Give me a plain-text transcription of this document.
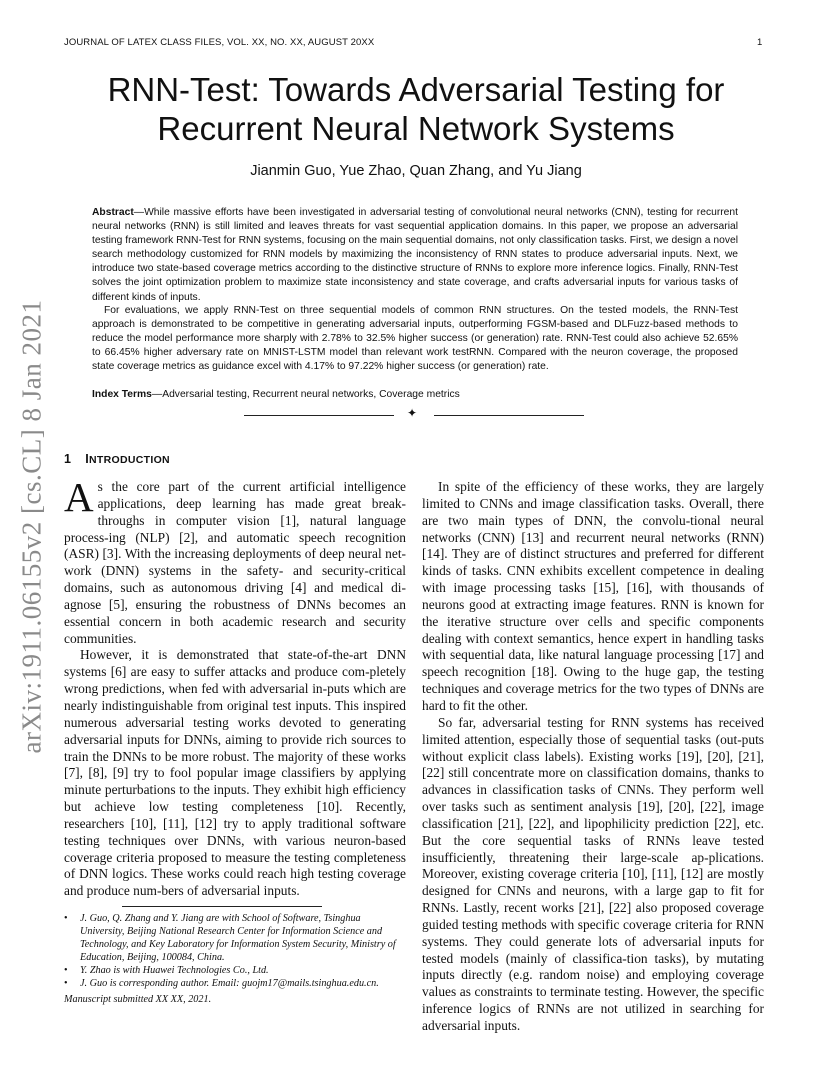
JOURNAL OF LATEX CLASS FILES, VOL. XX, NO. XX, AUGUST 20XX	1
arXiv:1911.06155v2 [cs.CL] 8 Jan 2021
RNN-Test: Towards Adversarial Testing for Recurrent Neural Network Systems
Jianmin Guo, Yue Zhao, Quan Zhang, and Yu Jiang
Abstract—While massive efforts have been investigated in adversarial testing of convolutional neural networks (CNN), testing for recurrent neural networks (RNN) is still limited and leaves threats for vast sequential application domains. In this paper, we propose an adversarial testing framework RNN-Test for RNN systems, focusing on the main sequential domains, not only classification tasks. First, we design a novel search methodology customized for RNN models by maximizing the inconsistency of RNN states to produce adversarial inputs. Next, we introduce two state-based coverage metrics according to the distinctive structure of RNNs to explore more inference logics. Finally, RNN-Test solves the joint optimization problem to maximize state inconsistency and state coverage, and crafts adversarial inputs for various tasks of different kinds of inputs.
For evaluations, we apply RNN-Test on three sequential models of common RNN structures. On the tested models, the RNN-Test approach is demonstrated to be competitive in generating adversarial inputs, outperforming FGSM-based and DLFuzz-based methods to reduce the model performance more sharply with 2.78% to 32.5% higher success (or generation) rate. RNN-Test could also achieve 52.65% to 66.45% higher adversary rate on MNIST-LSTM model than relevant work testRNN. Compared with the neuron coverage, the proposed state coverage metrics as guidance excel with 4.17% to 97.22% higher success (or generation) rate.
Index Terms—Adversarial testing, Recurrent neural networks, Coverage metrics
✦
1 INTRODUCTION

As the core part of the current artificial intelligence applications, deep learning has made great break-throughs in computer vision [1], natural language process-ing (NLP) [2], and automatic speech recognition (ASR) [3]. With the increasing deployments of deep neural net-work (DNN) systems in the safety- and security-critical domains, such as autonomous driving [4] and medical di-agnose [5], ensuring the robustness of DNNs becomes an essential concern in both academic research and security communities.

However, it is demonstrated that state-of-the-art DNN systems [6] are easy to suffer attacks and produce com-pletely wrong predictions, when fed with adversarial in-puts which are nearly indistinguishable from original test inputs. This inspired numerous adversarial testing works devoted to generating adversarial inputs for DNNs, aiming to provide rich sources to train the DNNs to be more robust. The majority of these works [7], [8], [9] try to fool popular image classifiers by applying minute perturbations to the inputs. They exhibit high efficiency but achieve low testing completeness [10]. Recently, researchers [10], [11], [12] try to apply traditional software testing techniques over DNNs, with various neuron-based coverage criteria proposed to measure the testing completeness of DNN logics. These works could reach high testing coverage and produce num-bers of adversarial inputs.

In spite of the efficiency of these works, they are largely limited to CNNs and image classification tasks. Overall, there are two main types of DNN, the convolu-tional neural networks (CNN) [13] and recurrent neural networks (RNN) [14]. They are of distinct structures and preferred for different kinds of tasks. CNN exhibits excellent competence in dealing with image processing tasks [15], [16], with thousands of neurons good at extracting image features. RNN is known for the iterative structure over cells and specific components dealing with context semantics, hence expert in handling tasks with sequential data, like natural language processing [17] and speech recognition [18]. Owing to the huge gap, the testing techniques and coverage metrics for the two types of DNNs are hard to fit the other.

So far, adversarial testing for RNN systems has received limited attention, especially those of sequential tasks (out-puts without explicit class labels). Existing works [19], [20], [21], [22] still concentrate more on classification domains, thanks to advances in classification tasks of CNNs. They perform well over tasks such as sentiment analysis [19], [20], [22], image classification [21], [22], and lipophilicity prediction [22], etc. But the core sequential tasks of RNNs leave tested insufficiently, threatening their large-scale ap-plications. Moreover, existing coverage criteria [10], [11], [12] are mostly designed for CNNs and neurons, with a large gap to fit for RNNs. Lastly, recent works [21], [22] also proposed coverage guided testing methods with specific coverage criteria for RNN systems. They could generate lots of adversarial inputs for tested models (mainly of classifica-tion tasks), by mutating inputs directly (e.g. random noise) and employing coverage values as constraints to terminate testing. However, the specific inference logics of RNNs are not utilized in searching for adversarial inputs.

• J. Guo, Q. Zhang and Y. Jiang are with School of Software, Tsinghua University, Beijing National Research Center for Information Science and Technology, and Key Laboratory for Information System Security, Ministry of Education, Beijing, 100084, China.
• Y. Zhao is with Huawei Technologies Co., Ltd.
• J. Guo is corresponding author. Email: guojm17@mails.tsinghua.edu.cn.
Manuscript submitted XX XX, 2021.
